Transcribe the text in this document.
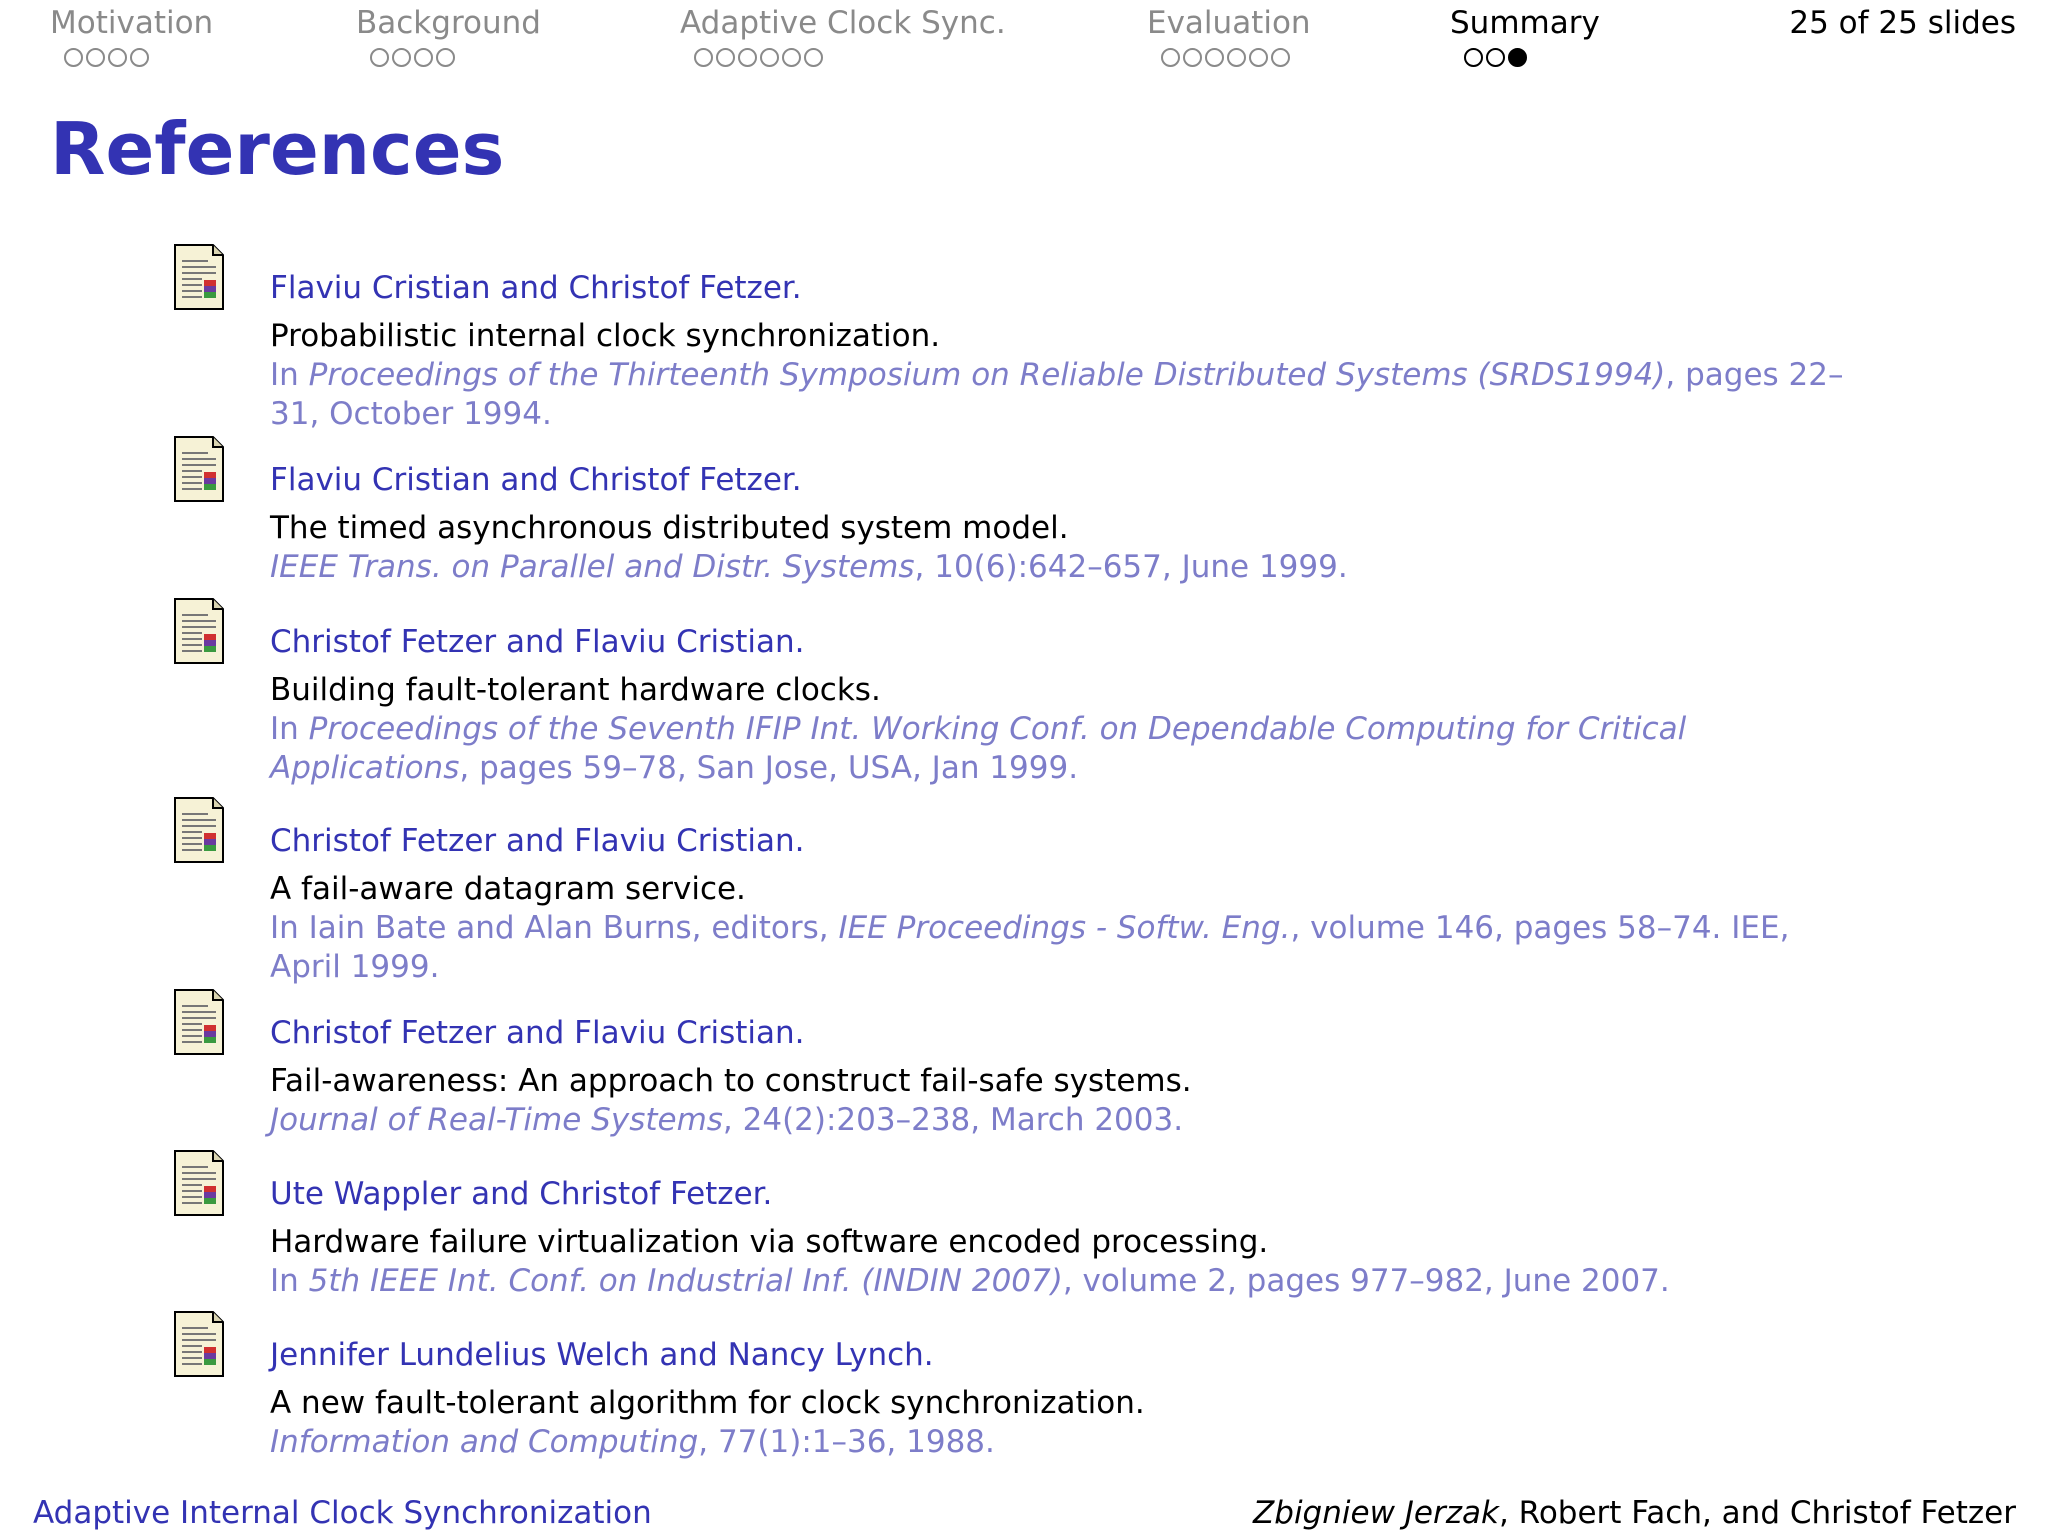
Motivation	Background	Adaptive Clock Sync.	Evaluation	Summary	25 of 25 slides
References
Flaviu Cristian and Christof Fetzer.
Probabilistic internal clock synchronization.
In Proceedings of the Thirteenth Symposium on Reliable Distributed Systems (SRDS1994), pages 22–31, October 1994.
Flaviu Cristian and Christof Fetzer.
The timed asynchronous distributed system model.
IEEE Trans. on Parallel and Distr. Systems, 10(6):642–657, June 1999.
Christof Fetzer and Flaviu Cristian.
Building fault-tolerant hardware clocks.
In Proceedings of the Seventh IFIP Int. Working Conf. on Dependable Computing for Critical Applications, pages 59–78, San Jose, USA, Jan 1999.
Christof Fetzer and Flaviu Cristian.
A fail-aware datagram service.
In Iain Bate and Alan Burns, editors, IEE Proceedings - Softw. Eng., volume 146, pages 58–74. IEE, April 1999.
Christof Fetzer and Flaviu Cristian.
Fail-awareness: An approach to construct fail-safe systems.
Journal of Real-Time Systems, 24(2):203–238, March 2003.
Ute Wappler and Christof Fetzer.
Hardware failure virtualization via software encoded processing.
In 5th IEEE Int. Conf. on Industrial Inf. (INDIN 2007), volume 2, pages 977–982, June 2007.
Jennifer Lundelius Welch and Nancy Lynch.
A new fault-tolerant algorithm for clock synchronization.
Information and Computing, 77(1):1–36, 1988.
Adaptive Internal Clock Synchronization	Zbigniew Jerzak, Robert Fach, and Christof Fetzer
